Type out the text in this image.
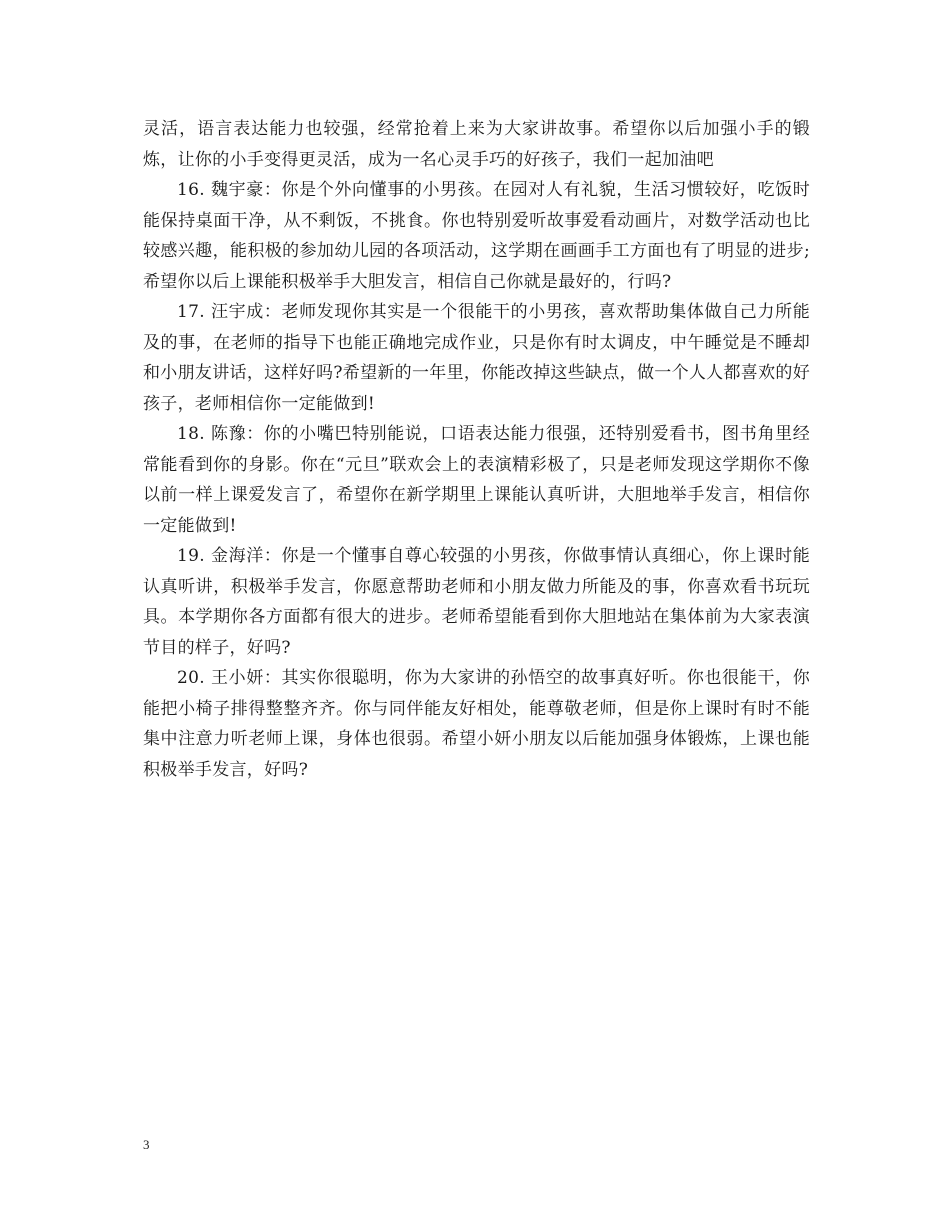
灵活，语言表达能力也较强，经常抢着上来为大家讲故事。希望你以后加强小手的锻炼，让你的小手变得更灵活，成为一名心灵手巧的好孩子，我们一起加油吧

16. 魏宇豪：你是个外向懂事的小男孩。在园对人有礼貌，生活习惯较好，吃饭时能保持桌面干净，从不剩饭，不挑食。你也特别爱听故事爱看动画片，对数学活动也比较感兴趣，能积极的参加幼儿园的各项活动，这学期在画画手工方面也有了明显的进步;希望你以后上课能积极举手大胆发言，相信自己你就是最好的，行吗?

17. 汪宇成：老师发现你其实是一个很能干的小男孩，喜欢帮助集体做自己力所能及的事，在老师的指导下也能正确地完成作业，只是你有时太调皮，中午睡觉是不睡却和小朋友讲话，这样好吗?希望新的一年里，你能改掉这些缺点，做一个人人都喜欢的好孩子，老师相信你一定能做到!

18. 陈豫：你的小嘴巴特别能说，口语表达能力很强，还特别爱看书，图书角里经常能看到你的身影。你在“元旦”联欢会上的表演精彩极了，只是老师发现这学期你不像以前一样上课爱发言了，希望你在新学期里上课能认真听讲，大胆地举手发言，相信你一定能做到!

19. 金海洋：你是一个懂事自尊心较强的小男孩，你做事情认真细心，你上课时能认真听讲，积极举手发言，你愿意帮助老师和小朋友做力所能及的事，你喜欢看书玩玩具。本学期你各方面都有很大的进步。老师希望能看到你大胆地站在集体前为大家表演节目的样子，好吗?

20. 王小妍：其实你很聪明，你为大家讲的孙悟空的故事真好听。你也很能干，你能把小椅子排得整整齐齐。你与同伴能友好相处，能尊敬老师，但是你上课时有时不能集中注意力听老师上课，身体也很弱。希望小妍小朋友以后能加强身体锻炼，上课也能积极举手发言，好吗?

3
